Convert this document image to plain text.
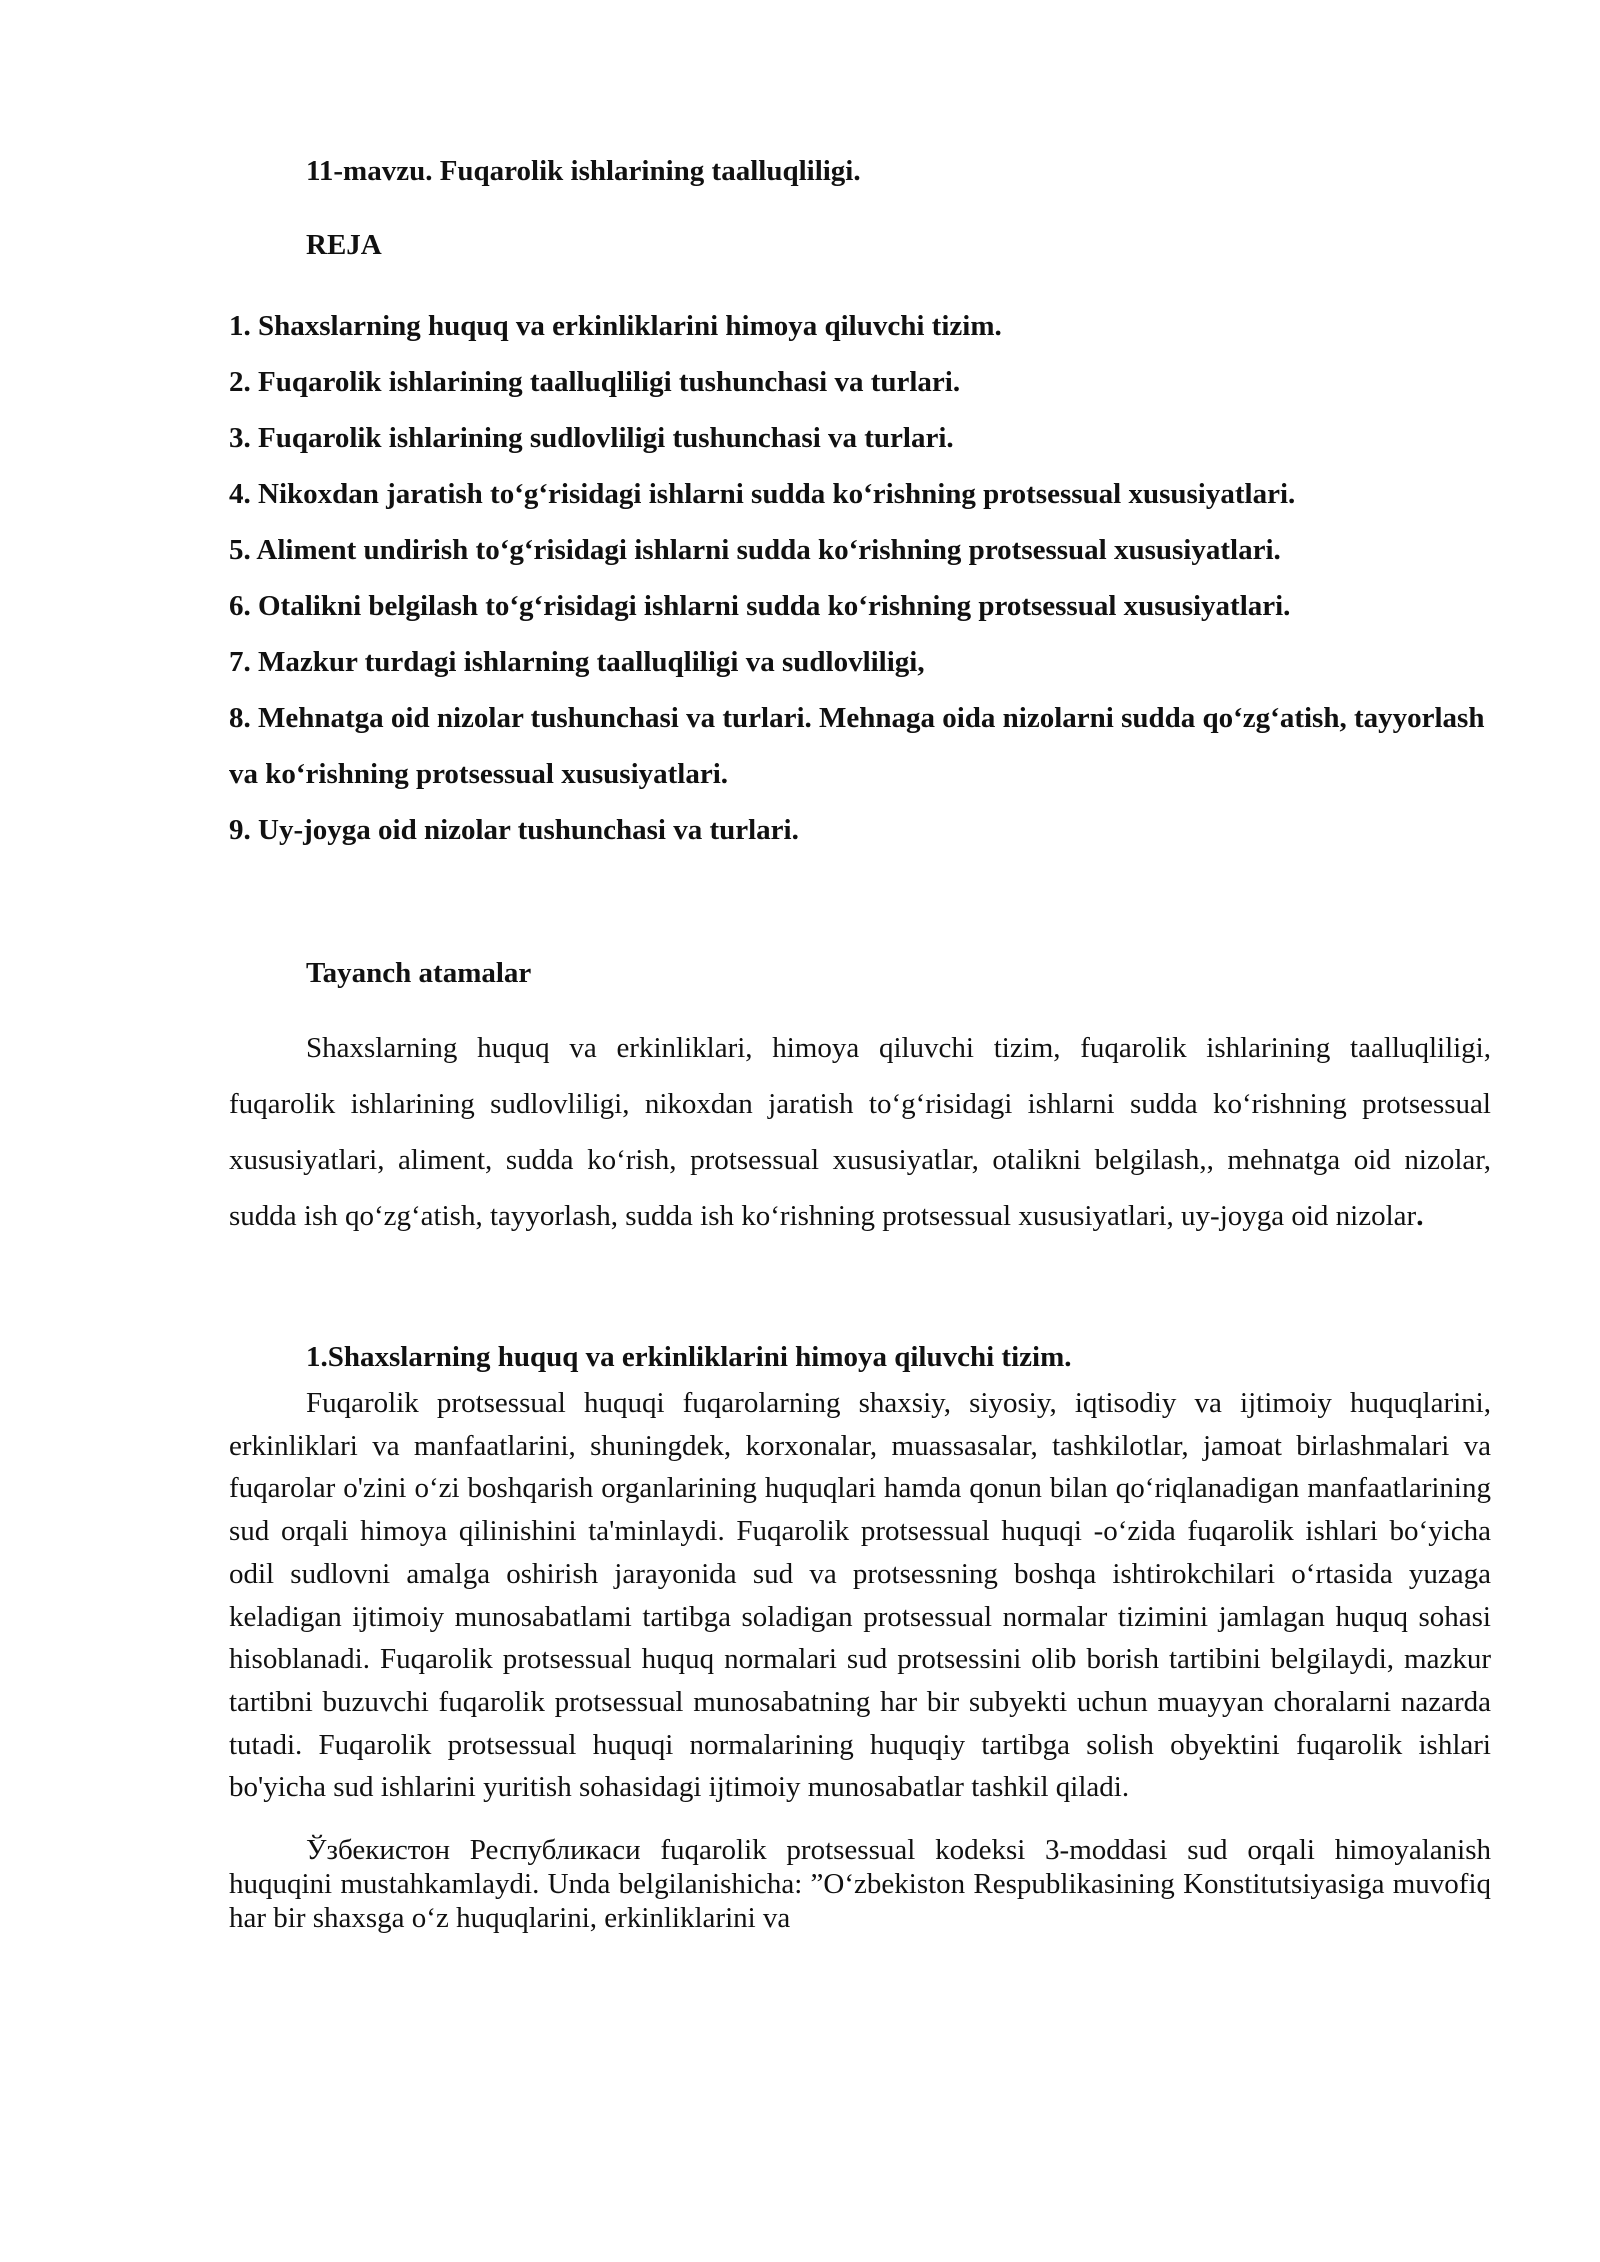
11-mavzu. Fuqarolik ishlarining taalluqliligi.
REJA
1. Shaxslarning huquq va erkinliklarini himoya qiluvchi tizim.
2. Fuqarolik ishlarining taalluqliligi tushunchasi va turlari.
3. Fuqarolik ishlarining sudlovliligi tushunchasi va turlari.
4. Nikoxdan jaratish to‘g‘risidagi ishlarni sudda ko‘rishning protsessual xususiyatlari.
5. Aliment undirish to‘g‘risidagi ishlarni sudda ko‘rishning protsessual xususiyatlari.
6. Otalikni belgilash to‘g‘risidagi ishlarni sudda ko‘rishning protsessual xususiyatlari.
7. Mazkur turdagi ishlarning taalluqliligi va sudlovliligi,
8. Mehnatga oid nizolar tushunchasi va turlari. Mehnaga oida nizolarni sudda qo‘zg‘atish, tayyorlash va ko‘rishning protsessual xususiyatlari.
9. Uy-joyga oid nizolar tushunchasi va turlari.
Tayanch atamalar

Shaxslarning huquq va erkinliklari, himoya qiluvchi tizim, fuqarolik ishlarining taalluqliligi, fuqarolik ishlarining sudlovliligi, nikoxdan jaratish to‘g‘risidagi ishlarni sudda ko‘rishning protsessual xususiyatlari, aliment, sudda ko‘rish, protsessual xususiyatlar, otalikni belgilash,, mehnatga oid nizolar, sudda ish qo‘zg‘atish, tayyorlash, sudda ish ko‘rishning protsessual xususiyatlari, uy-joyga oid nizolar.

1.Shaxslarning huquq va erkinliklarini himoya qiluvchi tizim.

Fuqarolik protsessual huquqi fuqarolarning shaxsiy, siyosiy, iqtisodiy va ijtimoiy huquqlarini, erkinliklari va manfaatlarini, shuningdek, korxonalar, muassasalar, tashkilotlar, jamoat birlashmalari va fuqarolar o'zini o‘zi boshqarish organlarining huquqlari hamda qonun bilan qo‘riqlanadigan manfaatlarining sud orqali himoya qilinishini ta'minlaydi. Fuqarolik protsessual huquqi -o‘zida fuqarolik ishlari bo‘yicha odil sudlovni amalga oshirish jarayonida sud va protsessning boshqa ishtirokchilari o‘rtasida yuzaga keladigan ijtimoiy munosabatlami tartibga soladigan protsessual normalar tizimini jamlagan huquq sohasi hisoblanadi. Fuqarolik protsessual huquq normalari sud protsessini olib borish tartibini belgilaydi, mazkur tartibni buzuvchi fuqarolik protsessual munosabatning har bir subyekti uchun muayyan choralarni nazarda tutadi. Fuqarolik protsessual huquqi normalarining huquqiy tartibga solish obyektini fuqarolik ishlari bo'yicha sud ishlarini yuritish sohasidagi ijtimoiy munosabatlar tashkil qiladi.

Ўзбекистон Республикаси fuqarolik protsessual kodeksi 3-moddasi sud orqali himoyalanish huquqini mustahkamlaydi. Unda belgilanishicha: ”O‘zbekiston Respublikasining Konstitutsiyasiga muvofiq har bir shaxsga o‘z huquqlarini, erkinliklarini va
